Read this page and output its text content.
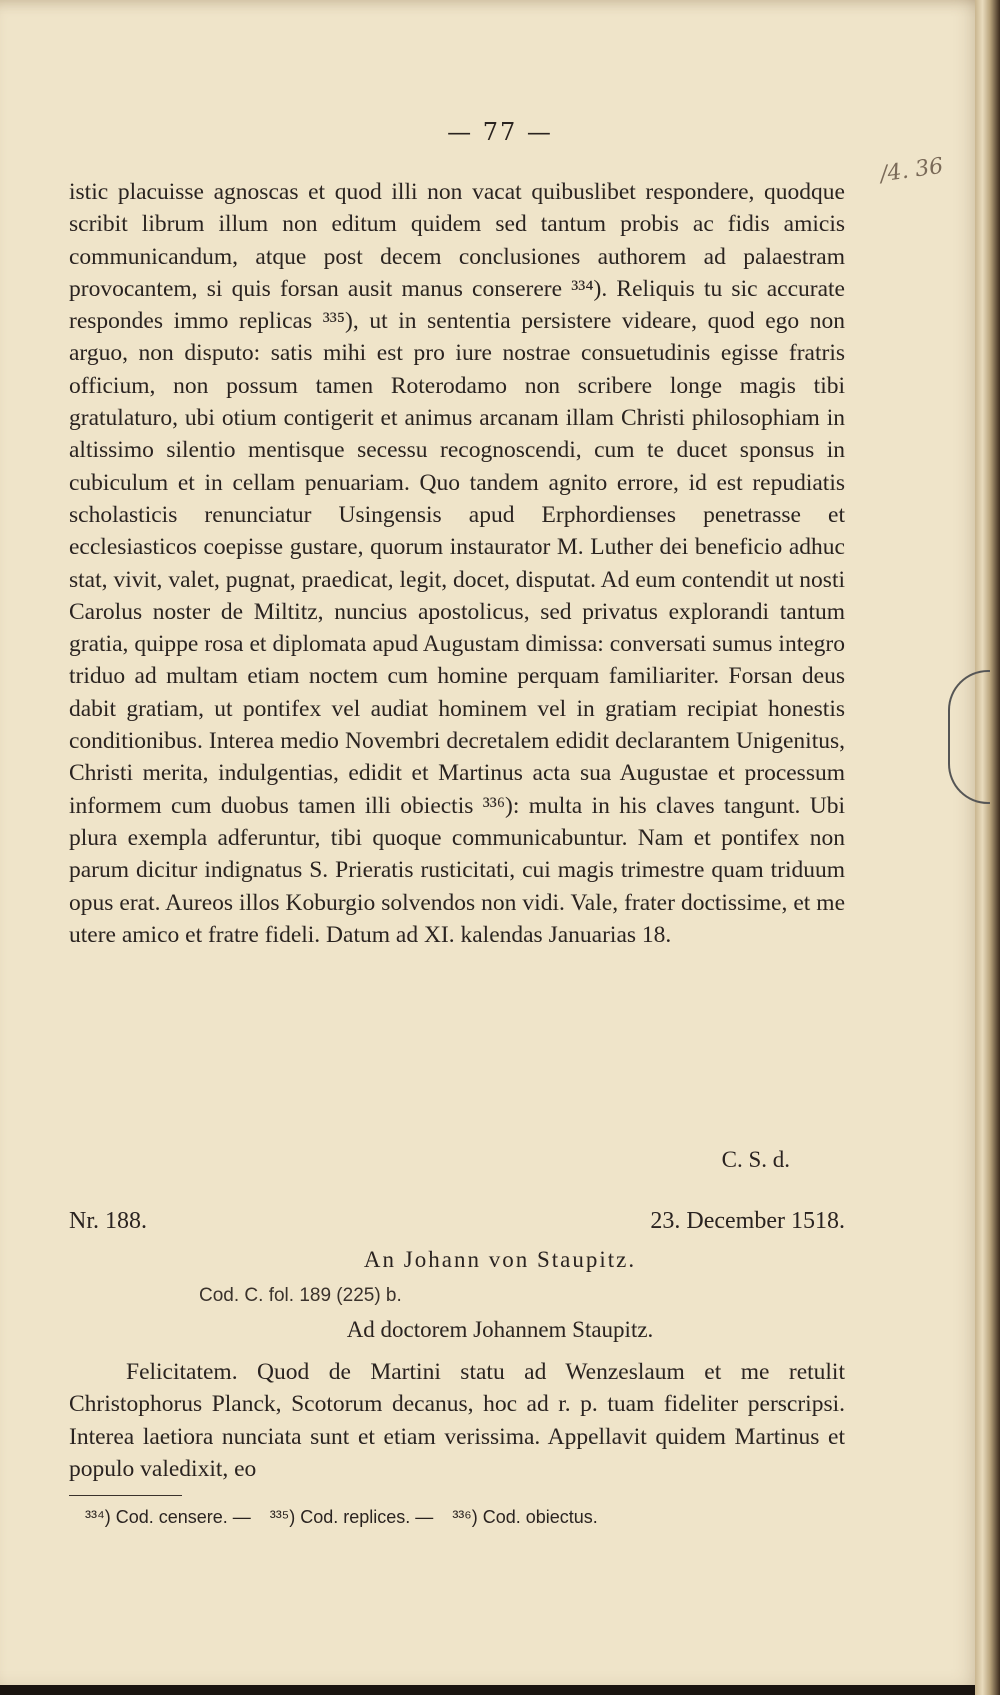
— 77 —
/4. 36

istic placuisse agnoscas et quod illi non vacat quibuslibet respondere, quodque scribit librum illum non editum quidem sed tantum probis ac fidis amicis communicandum, atque post decem conclusiones authorem ad palaestram provocantem, si quis forsan ausit manus conserere ³³⁴). Reliquis tu sic accurate respondes immo replicas ³³⁵), ut in sententia persistere videare, quod ego non arguo, non disputo: satis mihi est pro iure nostrae consuetudinis egisse fratris officium, non possum tamen Roterodamo non scribere longe magis tibi gratulaturo, ubi otium contigerit et animus arcanam illam Christi philosophiam in altissimo silentio mentisque secessu recognoscendi, cum te ducet sponsus in cubiculum et in cellam penuariam. Quo tandem agnito errore, id est repudiatis scholasticis renunciatur Usingensis apud Erphordienses penetrasse et ecclesiasticos coepisse gustare, quorum instaurator M. Luther dei beneficio adhuc stat, vivit, valet, pugnat, praedicat, legit, docet, disputat. Ad eum contendit ut nosti Carolus noster de Miltitz, nuncius apostolicus, sed privatus explorandi tantum gratia, quippe rosa et diplomata apud Augustam dimissa: conversati sumus integro triduo ad multam etiam noctem cum homine perquam familiariter. Forsan deus dabit gratiam, ut pontifex vel audiat hominem vel in gratiam recipiat honestis conditionibus. Interea medio Novembri decretalem edidit declarantem Unigenitus, Christi merita, indulgentias, edidit et Martinus acta sua Augustae et processum informem cum duobus tamen illi obiectis ³³⁶): multa in his claves tangunt. Ubi plura exempla adferuntur, tibi quoque communicabuntur. Nam et pontifex non parum dicitur indignatus S. Prieratis rusticitati, cui magis trimestre quam triduum opus erat. Aureos illos Koburgio solvendos non vidi. Vale, frater doctissime, et me utere amico et fratre fideli. Datum ad XI. kalendas Januarias 18.

C. S. d.
Nr. 188.	23. December 1518.
An Johann von Staupitz.
Cod. C. fol. 189 (225) b.
Ad doctorem Johannem Staupitz.

Felicitatem. Quod de Martini statu ad Wenzeslaum et me retulit Christophorus Planck, Scotorum decanus, hoc ad r. p. tuam fideliter perscripsi. Interea laetiora nunciata sunt et etiam verissima. Appellavit quidem Martinus et populo valedixit, eo

³³⁴) Cod. censere. — ³³⁵) Cod. replices. — ³³⁶) Cod. obiectus.
